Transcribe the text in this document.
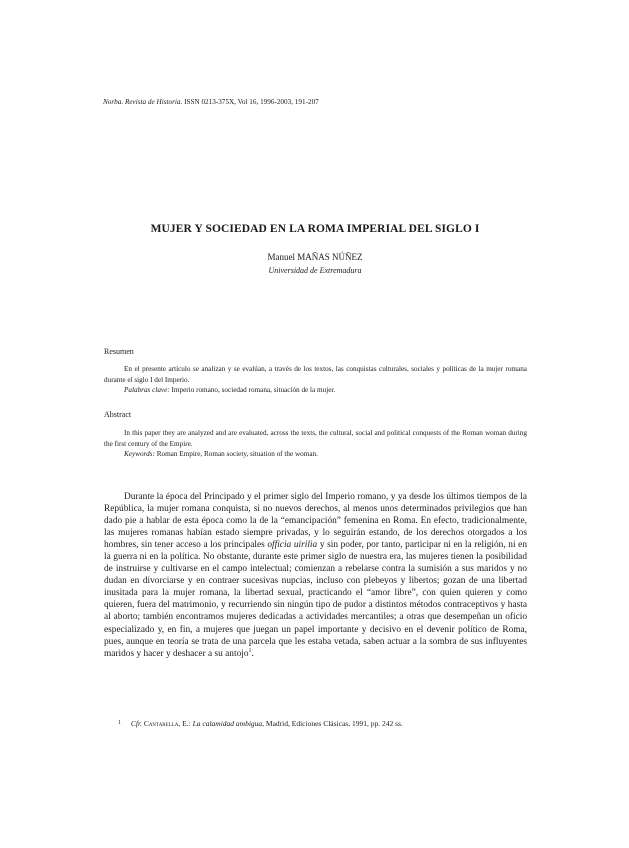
Norba. Revista de Historia. ISSN 0213-375X, Vol 16, 1996-2003, 191-207
MUJER Y SOCIEDAD EN LA ROMA IMPERIAL DEL SIGLO I
Manuel MAÑAS NÚÑEZ
Universidad de Extremadura
Resumen
En el presente artículo se analizan y se evalúan, a través de los textos, las conquistas culturales, sociales y políticas de la mujer romana durante el siglo I del Imperio.
Palabras clave: Imperio romano, sociedad romana, situación de la mujer.
Abstract
In this paper they are analyzed and are evaluated, across the texts, the cultural, social and political conquests of the Roman woman during the first century of the Empire.
Keywords: Roman Empire, Roman society, situation of the woman.
Durante la época del Principado y el primer siglo del Imperio romano, y ya desde los últimos tiempos de la República, la mujer romana conquista, si no nuevos derechos, al menos unos determinados privilegios que han dado pie a hablar de esta época como la de la “emancipación” femenina en Roma. En efecto, tradicionalmente, las mujeres romanas habían estado siempre privadas, y lo seguirán estando, de los derechos otorgados a los hombres, sin tener acceso a los principales officia uirilia y sin poder, por tanto, participar ni en la religión, ni en la guerra ni en la política. No obstante, durante este primer siglo de nuestra era, las mujeres tienen la posibilidad de instruirse y cultivarse en el campo intelectual; comienzan a rebelarse contra la sumisión a sus maridos y no dudan en divorciarse y en contraer sucesivas nupcias, incluso con plebeyos y libertos; gozan de una libertad inusitada para la mujer romana, la libertad sexual, practicando el “amor libre”, con quien quieren y como quieren, fuera del matrimonio, y recurriendo sin ningún tipo de pudor a distintos métodos contraceptivos y hasta al aborto; también encontramos mujeres dedicadas a actividades mercantiles; a otras que desempeñan un oficio especializado y, en fin, a mujeres que juegan un papel importante y decisivo en el devenir político de Roma, pues, aunque en teoría se trata de una parcela que les estaba vetada, saben actuar a la sombra de sus influyentes maridos y hacer y deshacer a su antojo$^1$.
$^1$ Cfr. Cantarella, E.: La calamidad ambigua, Madrid, Ediciones Clásicas, 1991, pp. 242 ss.
